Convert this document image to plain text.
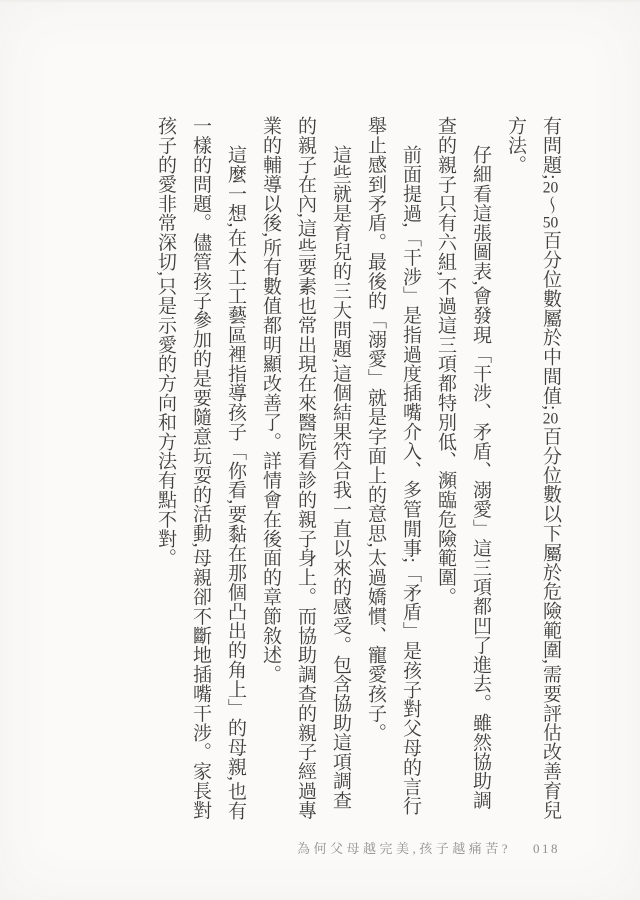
有問題;20〜50百分位數屬於中間值;20百分位數以下屬於危險範圍,需要評估改善育兒方法。

仔細看這張圖表,會發現「干涉、矛盾、溺愛」這三項都凹了進去。雖然協助調查的親子只有六組,不過這三項都特別低、瀕臨危險範圍。

前面提過,「干涉」是指過度插嘴介入、多管閒事;「矛盾」是孩子對父母的言行舉止感到矛盾。最後的「溺愛」就是字面上的意思,太過嬌慣、寵愛孩子。

這些就是育兒的三大問題,這個結果符合我一直以來的感受。包含協助這項調查的親子在內,這些要素也常出現在來醫院看診的親子身上。而協助調查的親子經過專業的輔導以後,所有數值都明顯改善了。詳情會在後面的章節敘述。

這麼一想,在木工工藝區裡指導孩子「你看,要黏在那個凸出的角上」的母親,也有一樣的問題。儘管孩子參加的是要隨意玩耍的活動,母親卻不斷地插嘴干涉。家長對孩子的愛非常深切,只是示愛的方向和方法有點不對。

為何父母越完美,孩子越痛苦? 018
